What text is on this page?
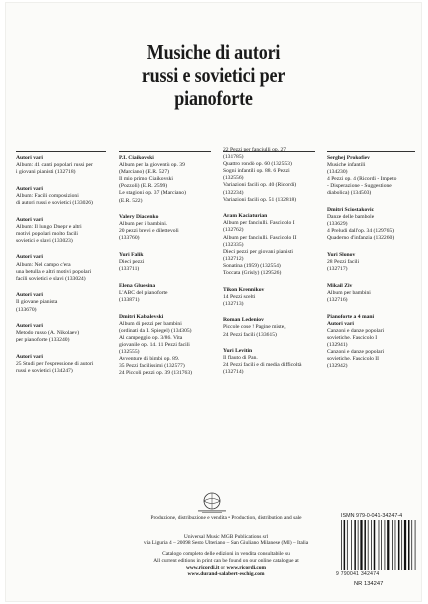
Musiche di autori
russi e sovietici per
pianoforte
Autori vari
Album: 41 canti popolari russi per
i giovani pianisti (132718)
Autori vari
Album: Facili composizioni
di autori russi e sovietici (133026)
Autori vari
Album: Il lungo Dnepr e altri
motivi popolari molto facili
sovietici e slavi (133023)
Autori vari
Album: Nel campo c'era
una betulla e altri motivi popolari
facili sovietici e slavi (133024)
Autori vari
Il giovane pianista
(133670)
Autori vari
Metodo russo (A. Nikolaev)
per pianoforte (133240)
Autori vari
25 Studi per l'espressione di autori
russi e sovietici (134247)
P.I. Ciaikovski
Album per la gioventù op. 39
(Marciano) (E.R. 527)
Il mio primo Ciaikovski
(Pozzoli) (E.R. 2599)
Le stagioni op. 37 (Marciano)
(E.R. 522)
Valery Diacenko
Album per i bambini.
20 pezzi brevi e dilettevoli
(133760)
Yuri Falik
Dieci pezzi
(133711)
Elena Gluesina
L'ABC del pianoforte
(133871)
Dmitri Kabalevski
Album di pezzi per bambini
(ordinati da I. Spiegel) (134305)
Al campeggio op. 3/86. Vita
giovanile op. 14. 11 Pezzi facili
(132555)
Avventure di bimbi op. 89.
35 Pezzi facilissimi (132577)
24 Piccoli pezzi op. 39 (131763)
22 Pezzi per fanciulli op. 27
(131785)
Quattro rondò op. 60 (132553)
Sogni infantili op. 88. 6 Pezzi
(132556)
Variazioni facili op. 40 (Ricordi)
(132234)
Variazioni facili op. 51 (132818)
Aram Kaciaturian
Album per fanciulli. Fascicolo I
(132762)
Album per fanciulli. Fascicolo II
(132335)
Dieci pezzi per giovani pianisti
(132712)
Sonatina (1959) (132554)
Toccata (Grisly) (129526)
Tikon Krennikov
14 Pezzi scelti
(132713)
Roman Ledeniov
Piccole cose ! Pagine miste,
24 Pezzi facili (133615)
Yuri Levitin
Il flauto di Pan.
24 Pezzi facili e di media difficoltà
(132714)
Serghej Prokofiev
Musiche infantili
(134230)
4 Pezzi op. 4 (Ricordi - Impeto
- Disperazione - Suggestione
diabolica) (134503)
Dmitri Sciostakovic
Danze delle bambole
(133629)
4 Preludi dall'op. 34 (129765)
Quaderno d'infanzia (132260)
Yuri Slonov
28 Pezzi facili
(132717)
Mikail Ziv
Album per bambini
(132716)
Pianoforte a 4 mani
Autori vari
Canzoni e danze popolari
sovietiche. Fascicolo I
(132941)
Canzoni e danze popolari
sovietiche. Fascicolo II
(132942)
Produzione, distribuzione e vendita • Production, distribution and sale
Universal Music MGB Publications srl
via Liguria 4 – 20098 Sesto Ulteriano – San Giuliano Milanese (MI) – Italia
Catalogo completo delle edizioni in vendita consultabile su
All current editions in print can be found on our online catalogue at
www.ricordi.it or www.ricordi.com
www.durand-salabert-eschig.com
ISMN 979-0-041-34247-4
9 790041 342474
NR 134247
